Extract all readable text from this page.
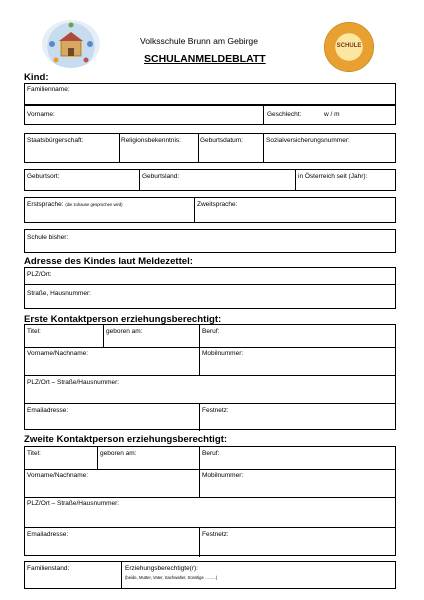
SCHULE
Volksschule Brunn am Gebirge
SCHULANMELDEBLATT
Kind:
Familienname:
Vorname:	Geschlecht:	w / m
Staatsbürgerschaft:	Religionsbekenntnis:	Geburtsdatum:	Sozialversicherungsnummer:
Geburtsort:	Geburtsland:	in Österreich seit (Jahr):
Erstsprache: (die zuhause gesprochen wird)	Zweitsprache:
Schule bisher:
Adresse des Kindes laut Meldezettel:
PLZ/Ort:
Straße, Hausnummer:
Erste Kontaktperson erziehungsberechtigt:
Titel:	geboren am:	Beruf:
Vorname/Nachname:	Mobilnummer:
PLZ/Ort – Straße/Hausnummer:
Emailadresse:	Festnetz:
Zweite Kontaktperson erziehungsberechtigt:
Titel:	geboren am:	Beruf:
Vorname/Nachname:	Mobilnummer:
PLZ/Ort – Straße/Hausnummer:
Emailadresse:	Festnetz:
Familienstand:	Erziehungsberechtigte(r):
(beide, Mutter, Vater, Sachwalter, Sonstige ……..)
